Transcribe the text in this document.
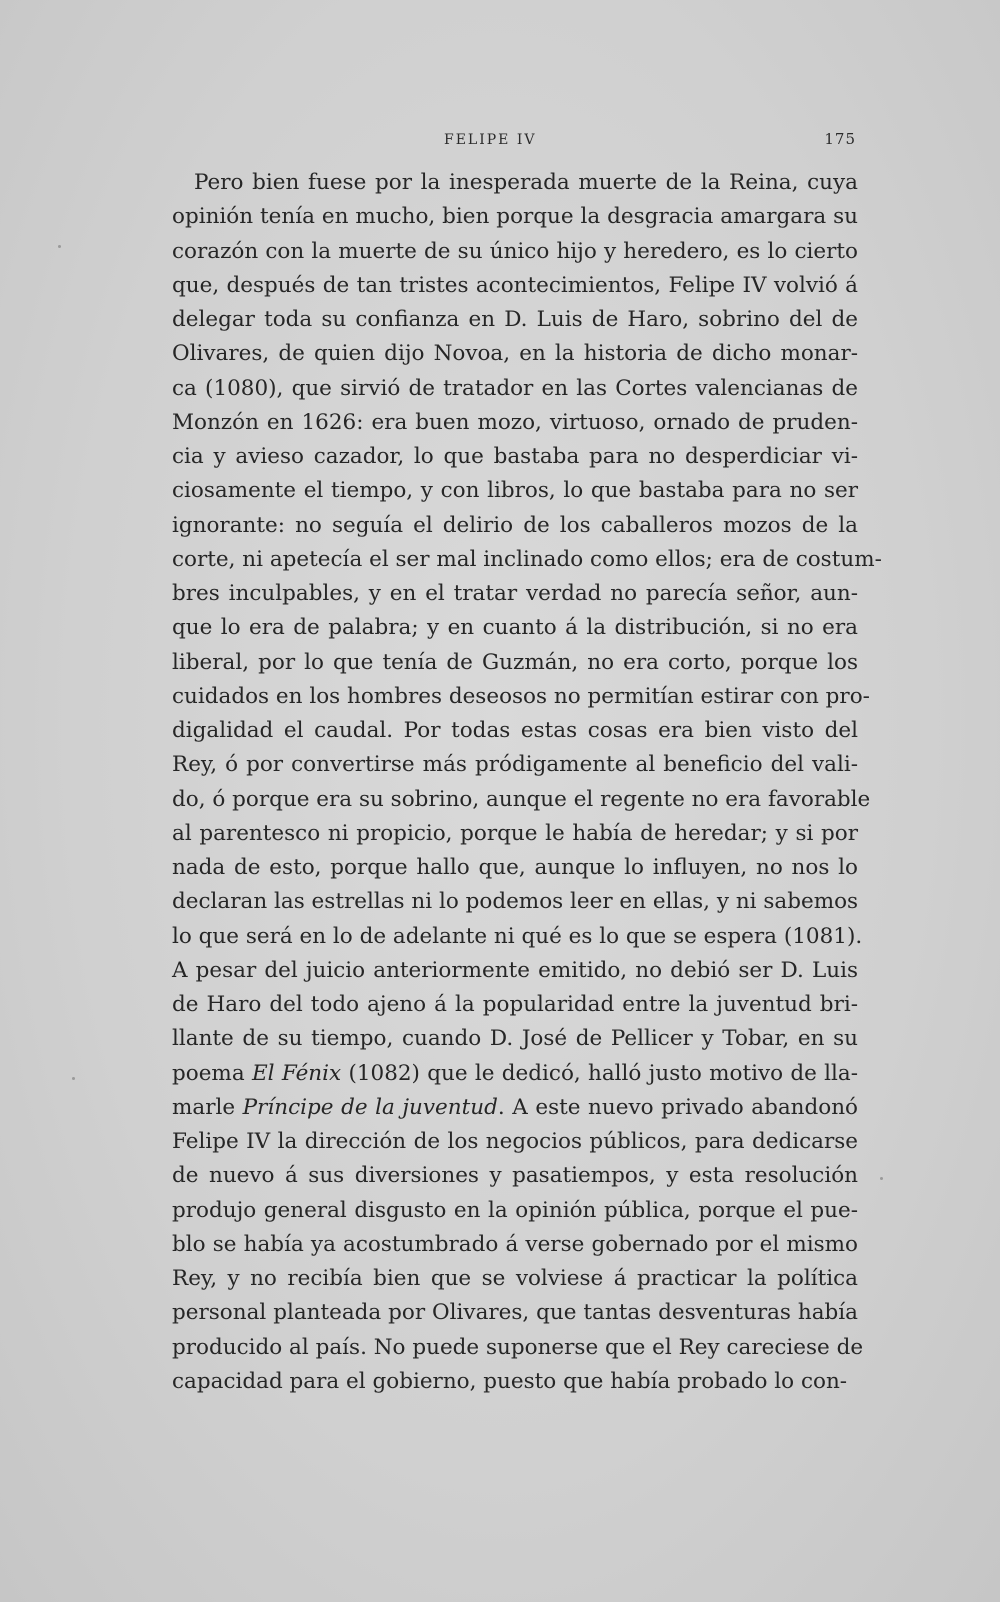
FELIPE IV	175
Pero bien fuese por la inesperada muerte de la Reina, cuya
opinión tenía en mucho, bien porque la desgracia amargara su
corazón con la muerte de su único hijo y heredero, es lo cierto
que, después de tan tristes acontecimientos, Felipe IV volvió á
delegar toda su confianza en D. Luis de Haro, sobrino del de
Olivares, de quien dijo Novoa, en la historia de dicho monar-
ca (1080), que sirvió de tratador en las Cortes valencianas de
Monzón en 1626: era buen mozo, virtuoso, ornado de pruden-
cia y avieso cazador, lo que bastaba para no desperdiciar vi-
ciosamente el tiempo, y con libros, lo que bastaba para no ser
ignorante: no seguía el delirio de los caballeros mozos de la
corte, ni apetecía el ser mal inclinado como ellos; era de costum-
bres inculpables, y en el tratar verdad no parecía señor, aun-
que lo era de palabra; y en cuanto á la distribución, si no era
liberal, por lo que tenía de Guzmán, no era corto, porque los
cuidados en los hombres deseosos no permitían estirar con pro-
digalidad el caudal. Por todas estas cosas era bien visto del
Rey, ó por convertirse más pródigamente al beneficio del vali-
do, ó porque era su sobrino, aunque el regente no era favorable
al parentesco ni propicio, porque le había de heredar; y si por
nada de esto, porque hallo que, aunque lo influyen, no nos lo
declaran las estrellas ni lo podemos leer en ellas, y ni sabemos
lo que será en lo de adelante ni qué es lo que se espera (1081).
A pesar del juicio anteriormente emitido, no debió ser D. Luis
de Haro del todo ajeno á la popularidad entre la juventud bri-
llante de su tiempo, cuando D. José de Pellicer y Tobar, en su
poema El Fénix (1082) que le dedicó, halló justo motivo de lla-
marle Príncipe de la juventud. A este nuevo privado abandonó
Felipe IV la dirección de los negocios públicos, para dedicarse
de nuevo á sus diversiones y pasatiempos, y esta resolución
produjo general disgusto en la opinión pública, porque el pue-
blo se había ya acostumbrado á verse gobernado por el mismo
Rey, y no recibía bien que se volviese á practicar la política
personal planteada por Olivares, que tantas desventuras había
producido al país. No puede suponerse que el Rey careciese de
capacidad para el gobierno, puesto que había probado lo con-
